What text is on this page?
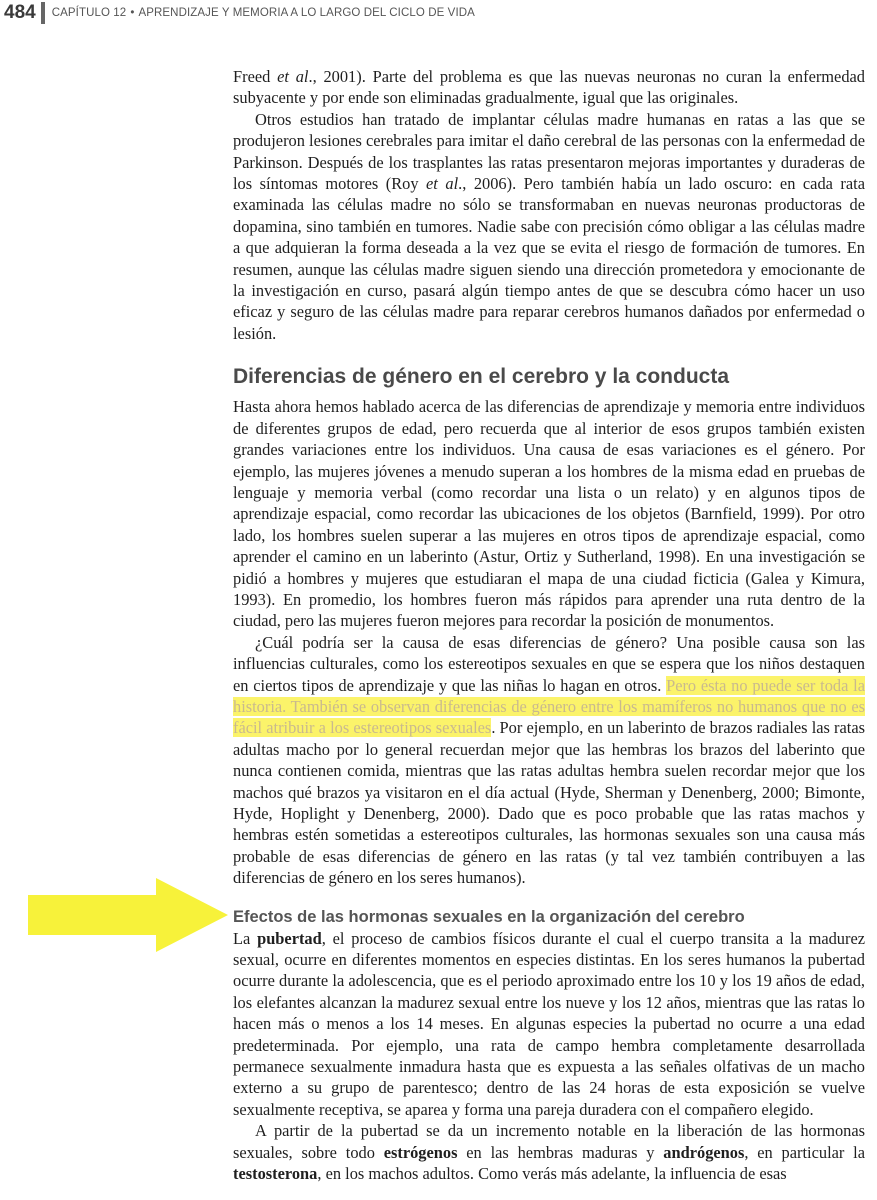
484 CAPÍTULO 12 • APRENDIZAJE Y MEMORIA A LO LARGO DEL CICLO DE VIDA

Freed et al., 2001). Parte del problema es que las nuevas neuronas no curan la enfermedad subyacente y por ende son eliminadas gradualmente, igual que las originales.

Otros estudios han tratado de implantar células madre humanas en ratas a las que se produjeron lesiones cerebrales para imitar el daño cerebral de las personas con la enfermedad de Parkinson. Después de los trasplantes las ratas presentaron mejoras importantes y duraderas de los síntomas motores (Roy et al., 2006). Pero también había un lado oscuro: en cada rata examinada las células madre no sólo se transformaban en nuevas neuronas productoras de dopamina, sino también en tumores. Nadie sabe con precisión cómo obligar a las células madre a que adquieran la forma deseada a la vez que se evita el riesgo de formación de tumores. En resumen, aunque las células madre siguen siendo una dirección prometedora y emocionante de la investigación en curso, pasará algún tiempo antes de que se descubra cómo hacer un uso eficaz y seguro de las células madre para reparar cerebros humanos dañados por enfermedad o lesión.

Diferencias de género en el cerebro y la conducta

Hasta ahora hemos hablado acerca de las diferencias de aprendizaje y memoria entre individuos de diferentes grupos de edad, pero recuerda que al interior de esos grupos también existen grandes variaciones entre los individuos. Una causa de esas variaciones es el género. Por ejemplo, las mujeres jóvenes a menudo superan a los hombres de la misma edad en pruebas de lenguaje y memoria verbal (como recordar una lista o un relato) y en algunos tipos de aprendizaje espacial, como recordar las ubicaciones de los objetos (Barnfield, 1999). Por otro lado, los hombres suelen superar a las mujeres en otros tipos de aprendizaje espacial, como aprender el camino en un laberinto (Astur, Ortiz y Sutherland, 1998). En una investigación se pidió a hombres y mujeres que estudiaran el mapa de una ciudad ficticia (Galea y Kimura, 1993). En promedio, los hombres fueron más rápidos para aprender una ruta dentro de la ciudad, pero las mujeres fueron mejores para recordar la posición de monumentos.

¿Cuál podría ser la causa de esas diferencias de género? Una posible causa son las influencias culturales, como los estereotipos sexuales en que se espera que los niños destaquen en ciertos tipos de aprendizaje y que las niñas lo hagan en otros. Pero ésta no puede ser toda la historia. También se observan diferencias de género entre los mamíferos no humanos que no es fácil atribuir a los estereotipos sexuales. Por ejemplo, en un laberinto de brazos radiales las ratas adultas macho por lo general recuerdan mejor que las hembras los brazos del laberinto que nunca contienen comida, mientras que las ratas adultas hembra suelen recordar mejor que los machos qué brazos ya visitaron en el día actual (Hyde, Sherman y Denenberg, 2000; Bimonte, Hyde, Hoplight y Denenberg, 2000). Dado que es poco probable que las ratas machos y hembras estén sometidas a estereotipos culturales, las hormonas sexuales son una causa más probable de esas diferencias de género en las ratas (y tal vez también contribuyen a las diferencias de género en los seres humanos).

Efectos de las hormonas sexuales en la organización del cerebro

La pubertad, el proceso de cambios físicos durante el cual el cuerpo transita a la madurez sexual, ocurre en diferentes momentos en especies distintas. En los seres humanos la pubertad ocurre durante la adolescencia, que es el periodo aproximado entre los 10 y los 19 años de edad, los elefantes alcanzan la madurez sexual entre los nueve y los 12 años, mientras que las ratas lo hacen más o menos a los 14 meses. En algunas especies la pubertad no ocurre a una edad predeterminada. Por ejemplo, una rata de campo hembra completamente desarrollada permanece sexualmente inmadura hasta que es expuesta a las señales olfativas de un macho externo a su grupo de parentesco; dentro de las 24 horas de esta exposición se vuelve sexualmente receptiva, se aparea y forma una pareja duradera con el compañero elegido.

A partir de la pubertad se da un incremento notable en la liberación de las hormonas sexuales, sobre todo estrógenos en las hembras maduras y andrógenos, en particular la testosterona, en los machos adultos. Como verás más adelante, la influencia de esas
